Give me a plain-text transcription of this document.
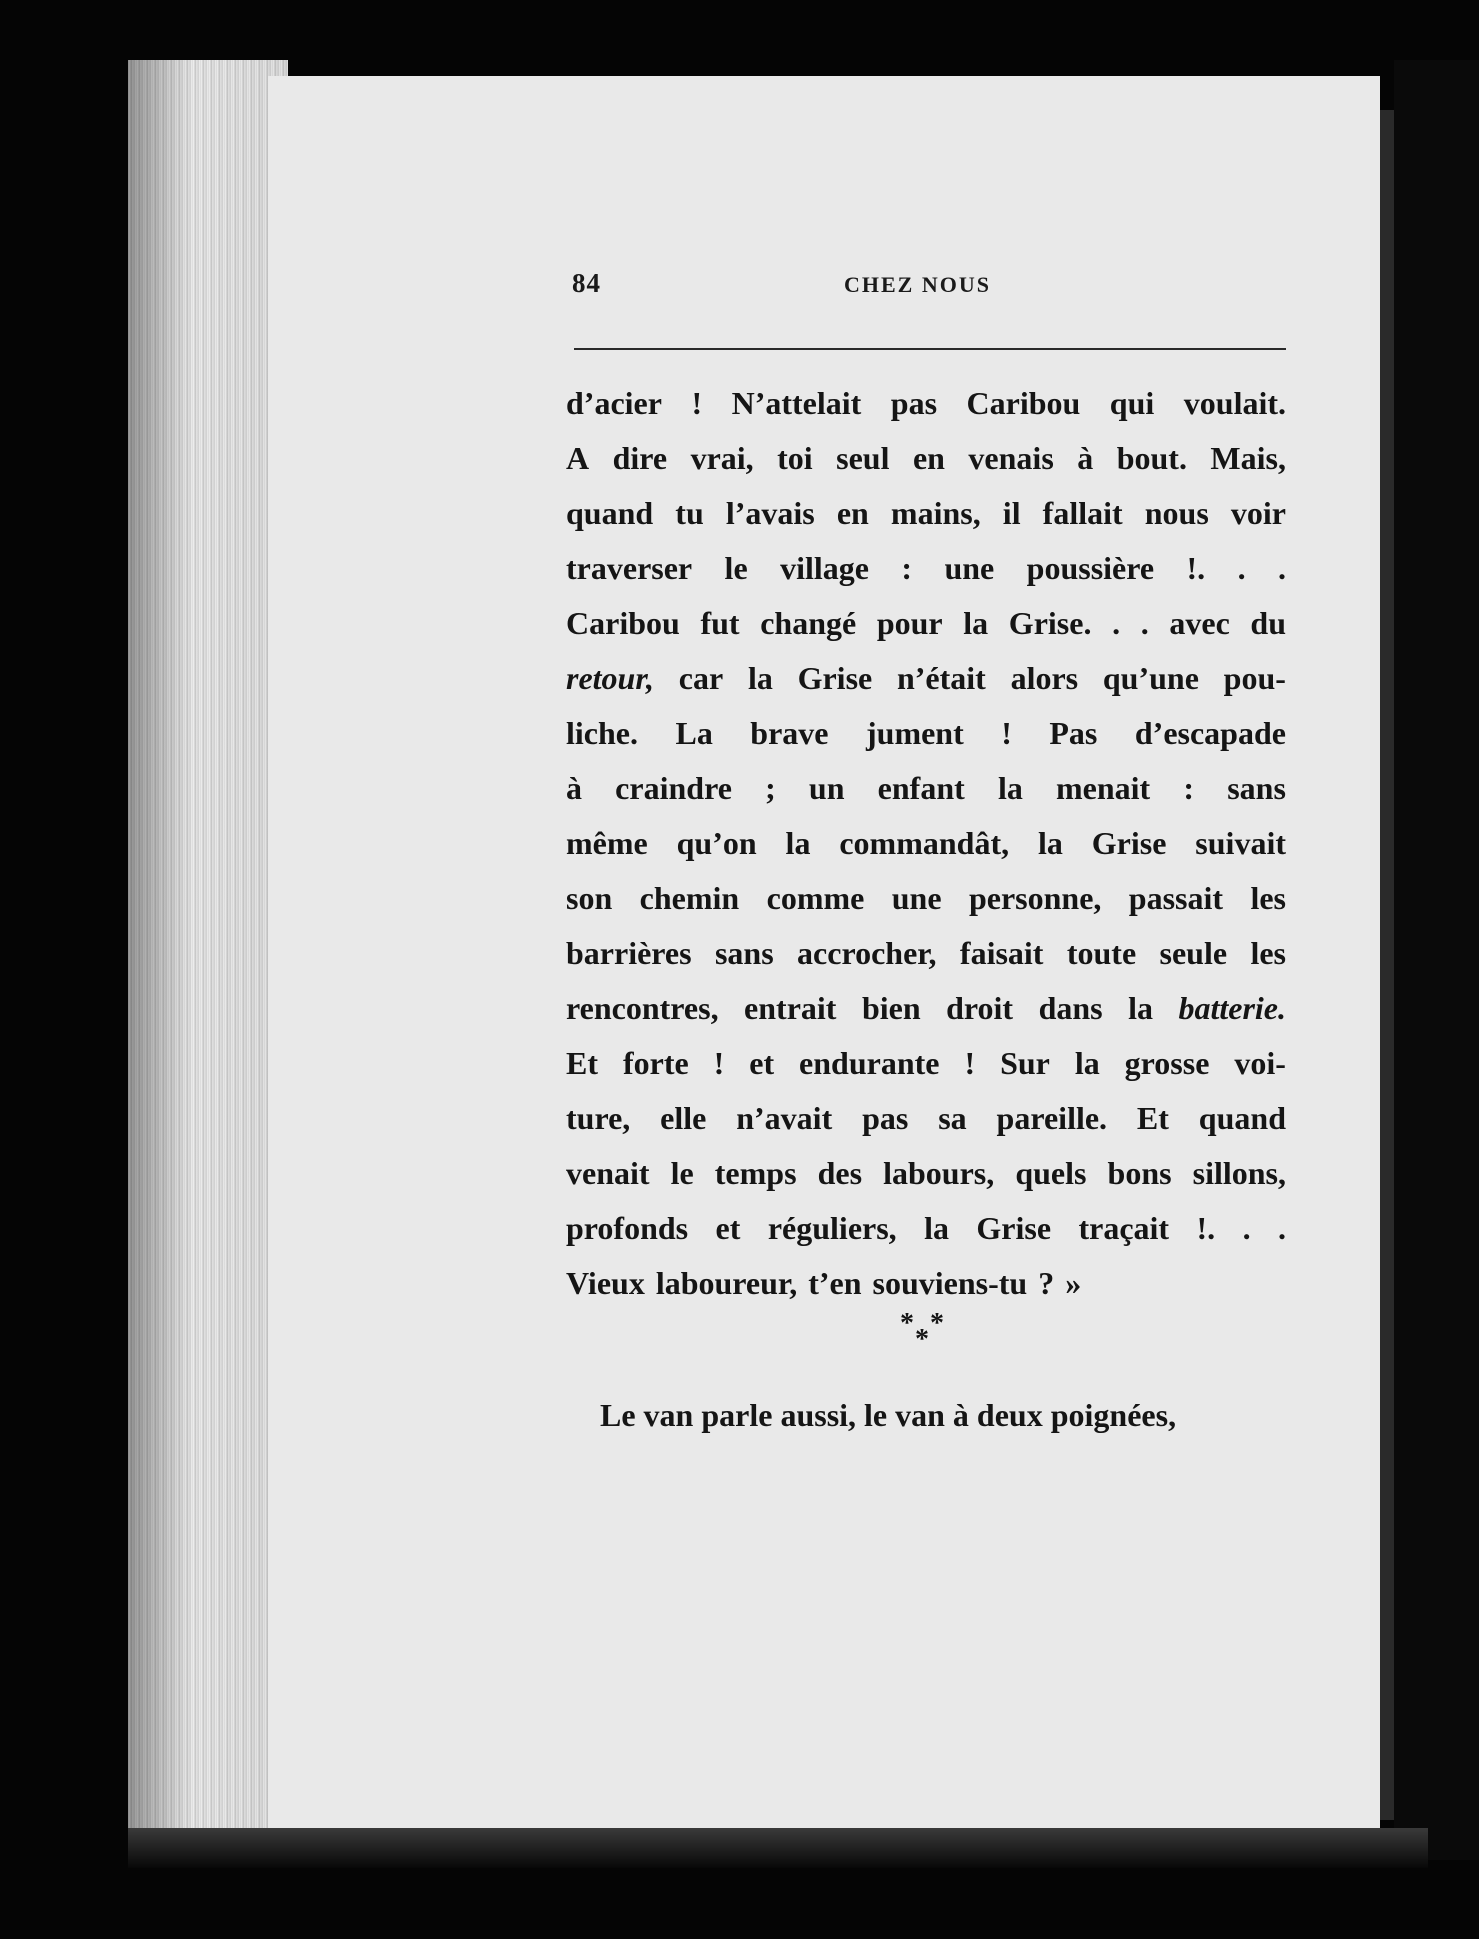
84	CHEZ NOUS
d’acier ! N’attelait pas Caribou qui voulait.
A dire vrai, toi seul en venais à bout. Mais,
quand tu l’avais en mains, il fallait nous voir
traverser le village : une poussière !. . .
Caribou fut changé pour la Grise. . . avec du
retour, car la Grise n’était alors qu’une pou-
liche. La brave jument ! Pas d’escapade
à craindre ; un enfant la menait : sans
même qu’on la commandât, la Grise suivait
son chemin comme une personne, passait les
barrières sans accrocher, faisait toute seule les
rencontres, entrait bien droit dans la batterie.
Et forte ! et endurante ! Sur la grosse voi-
ture, elle n’avait pas sa pareille. Et quand
venait le temps des labours, quels bons sillons,
profonds et réguliers, la Grise traçait !. . .
Vieux laboureur, t’en souviens-tu ? »
* *
*
Le van parle aussi, le van à deux poignées,
